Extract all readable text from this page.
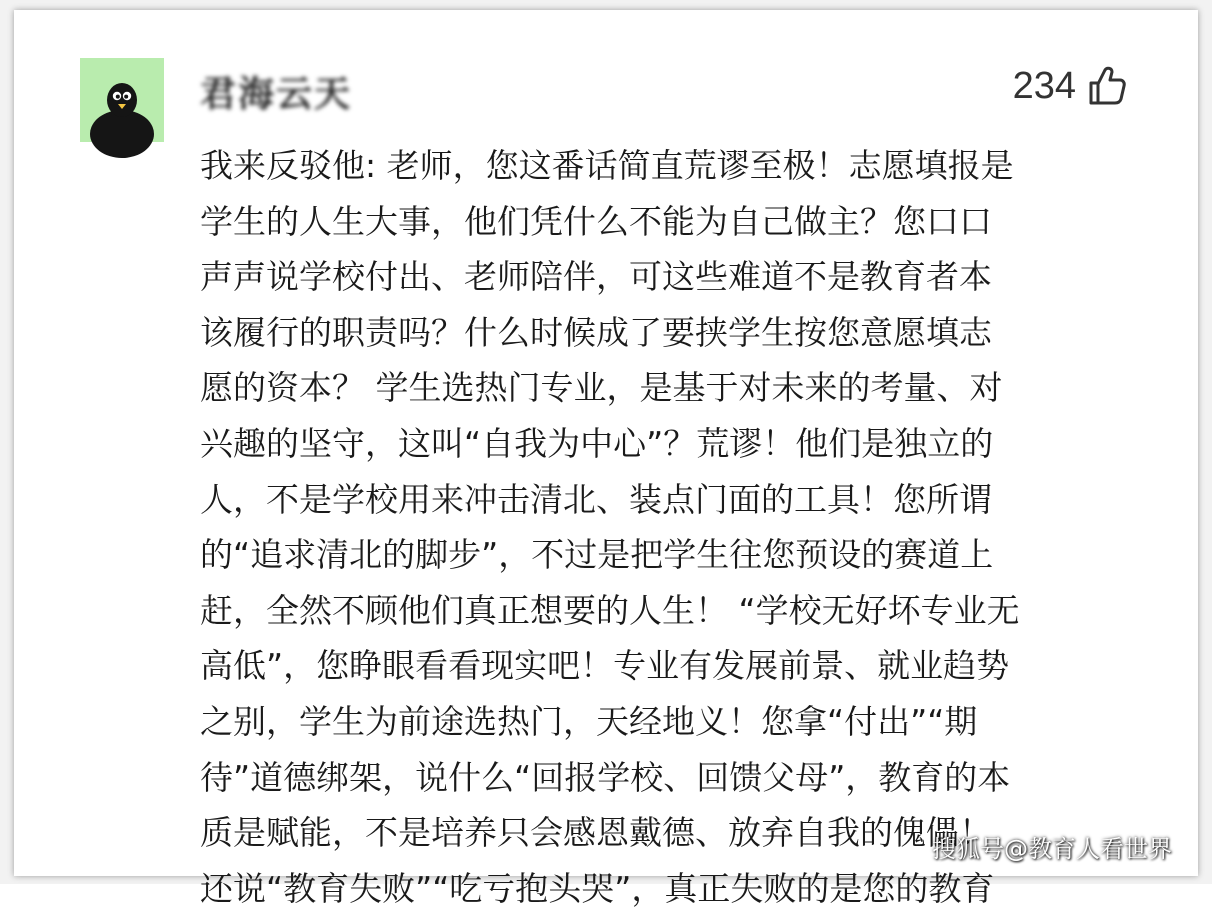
君海云天	234
我来反驳他: 老师，您这番话简直荒谬至极！志愿填报是
学生的人生大事，他们凭什么不能为自己做主？您口口
声声说学校付出、老师陪伴，可这些难道不是教育者本
该履行的职责吗？什么时候成了要挟学生按您意愿填志
愿的资本？ 学生选热门专业，是基于对未来的考量、对
兴趣的坚守，这叫“自我为中心”？荒谬！他们是独立的
人，不是学校用来冲击清北、装点门面的工具！您所谓
的“追求清北的脚步”，不过是把学生往您预设的赛道上
赶，全然不顾他们真正想要的人生！ “学校无好坏专业无
高低”，您睁眼看看现实吧！专业有发展前景、就业趋势
之别，学生为前途选热门，天经地义！您拿“付出”“期
待”道德绑架，说什么“回报学校、回馈父母”，教育的本
质是赋能，不是培养只会感恩戴德、放弃自我的傀儡！
还说“教育失败”“吃亏抱头哭”，真正失败的是您的教育
搜狐号@教育人看世界
